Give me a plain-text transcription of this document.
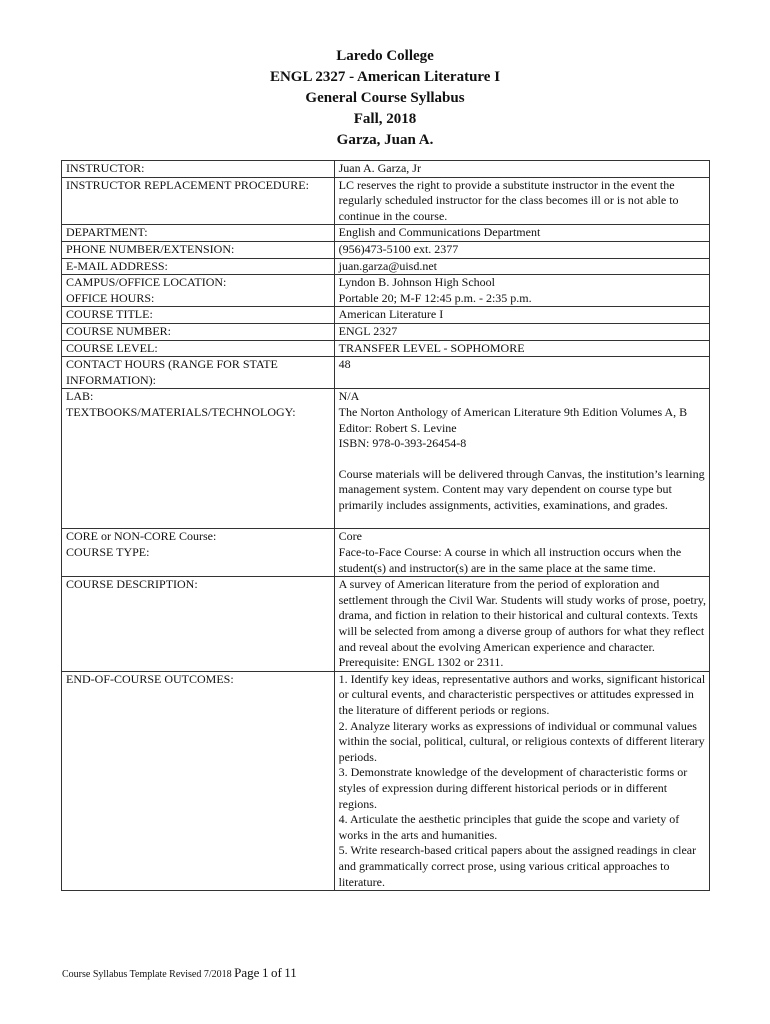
Laredo College
ENGL 2327 - American Literature I
General Course Syllabus
Fall, 2018
Garza, Juan A.
INSTRUCTOR:	Juan A. Garza, Jr
INSTRUCTOR REPLACEMENT PROCEDURE:	LC reserves the right to provide a substitute instructor in the event the regularly scheduled instructor for the class becomes ill or is not able to continue in the course.
DEPARTMENT:	English and Communications Department
PHONE NUMBER/EXTENSION:	(956)473-5100 ext. 2377
E-MAIL ADDRESS:	juan.garza@uisd.net
CAMPUS/OFFICE LOCATION:	Lyndon B. Johnson High School
OFFICE HOURS:	Portable 20; M-F 12:45 p.m. - 2:35 p.m.
COURSE TITLE:	American Literature I
COURSE NUMBER:	ENGL 2327
COURSE LEVEL:	TRANSFER LEVEL - SOPHOMORE
CONTACT HOURS (RANGE FOR STATE INFORMATION):	48
LAB:	N/A
TEXTBOOKS/MATERIALS/TECHNOLOGY:	The Norton Anthology of American Literature 9th Edition Volumes A, B
Editor: Robert S. Levine
ISBN: 978-0-393-26454-8
Course materials will be delivered through Canvas, the institution’s learning management system. Content may vary dependent on course type but primarily includes assignments, activities, examinations, and grades.

CORE or NON-CORE Course:	Core
COURSE TYPE:	Face-to-Face Course: A course in which all instruction occurs when the student(s) and instructor(s) are in the same place at the same time.
COURSE DESCRIPTION:	A survey of American literature from the period of exploration and settlement through the Civil War. Students will study works of prose, poetry, drama, and fiction in relation to their historical and cultural contexts. Texts will be selected from among a diverse group of authors for what they reflect and reveal about the evolving American experience and character. Prerequisite: ENGL 1302 or 2311.
END-OF-COURSE OUTCOMES:	1. Identify key ideas, representative authors and works, significant historical or cultural events, and characteristic perspectives or attitudes expressed in the literature of different periods or regions.
2. Analyze literary works as expressions of individual or communal values within the social, political, cultural, or religious contexts of different literary periods.
3. Demonstrate knowledge of the development of characteristic forms or styles of expression during different historical periods or in different regions.
4. Articulate the aesthetic principles that guide the scope and variety of works in the arts and humanities.
5. Write research-based critical papers about the assigned readings in clear and grammatically correct prose, using various critical approaches to literature.
Course Syllabus Template Revised 7/2018 Page 1 of 11
